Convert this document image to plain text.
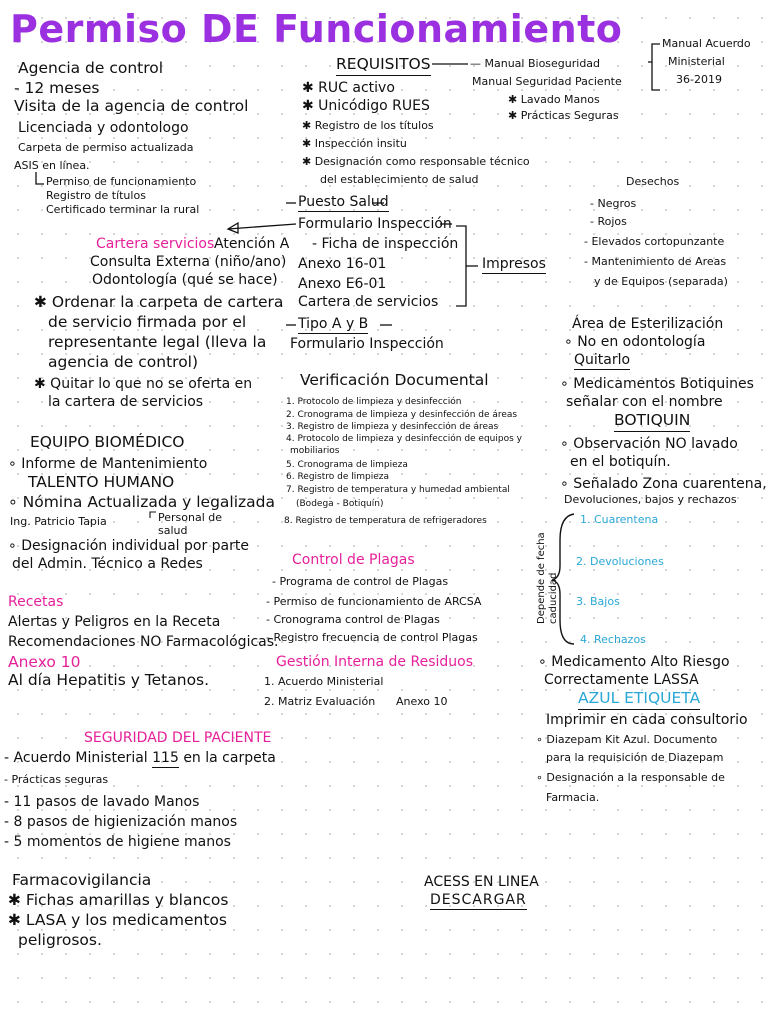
Permiso DE Funcionamiento
Agencia de control
- 12 meses
Visita de la agencia de control
Licenciada y odontologo
Carpeta de permiso actualizada
ASIS en línea.
Permiso de funcionamiento
Registro de títulos
Certificado terminar la rural
Cartera servicios Atención A
Consulta Externa (niño/ano)
Odontología (qué se hace)
✱ Ordenar la carpeta de cartera
de servicio firmada por el
representante legal (lleva la
agencia de control)
✱ Quitar lo que no se oferta en
la cartera de servicios
EQUIPO BIOMÉDICO
∘ Informe de Mantenimiento
TALENTO HUMANO
∘ Nómina Actualizada y legalizada
Ing. Patricio Tapia	Personal de salud
∘ Designación individual por parte
del Admin. Técnico a Redes
Recetas
Alertas y Peligros en la Receta
Recomendaciones NO Farmacológicas.
Anexo 10
Al día Hepatitis y Tetanos.
SEGURIDAD DEL PACIENTE
- Acuerdo Ministerial 115 en la carpeta
- Prácticas seguras
- 11 pasos de lavado Manos
- 8 pasos de higienización manos
- 5 momentos de higiene manos
Farmacovigilancia
✱ Fichas amarillas y blancos
✱ LASA y los medicamentos
peligrosos.
REQUISITOS
✱ RUC activo
✱ Unicódigo RUES
✱ Registro de los títulos
✱ Inspección insitu
✱ Designación como responsable técnico
del establecimiento de salud
Puesto Salud
Formulario Inspección
- Ficha de inspección
Anexo 16-01
Anexo E6-01
Cartera de servicios
Tipo A y B
Formulario Inspección
Impresos
Verificación Documental
1. Protocolo de limpieza y desinfección
2. Cronograma de limpieza y desinfección de áreas
3. Registro de limpieza y desinfección de áreas
4. Protocolo de limpieza y desinfección de equipos y
mobiliarios
5. Cronograma de limpieza
6. Registro de limpieza
7. Registro de temperatura y humedad ambiental
(Bodega - Botiquín)
8. Registro de temperatura de refrigeradores
Control de Plagas
- Programa de control de Plagas
- Permiso de funcionamiento de ARCSA
- Cronograma control de Plagas
- Registro frecuencia de control Plagas
Gestión Interna de Residuos
1. Acuerdo Ministerial
2. Matriz Evaluación Anexo 10
ACESS EN LINEA
DESCARGAR
— Manual Bioseguridad
Manual Seguridad Paciente
✱ Lavado Manos
✱ Prácticas Seguras
Manual Acuerdo
Ministerial
36-2019
Desechos
- Negros
- Rojos
- Elevados cortopunzante
- Mantenimiento de Areas
y de Equipos (separada)
Área de Esterilización
∘ No en odontología
Quitarlo
∘ Medicamentos Botiquines
señalar con el nombre
BOTIQUIN
∘ Observación NO lavado
en el botiquín.
∘ Señalado Zona cuarentena,
Devoluciones, bajos y rechazos
Depende de fecha caducidad
1. Cuarentena
2. Devoluciones
3. Bajos
4. Rechazos
∘ Medicamento Alto Riesgo
Correctamente LASSA
AZUL ETIQUETA
Imprimir en cada consultorio
∘ Diazepam Kit Azul. Documento
para la requisición de Diazepam
∘ Designación a la responsable de
Farmacia.
